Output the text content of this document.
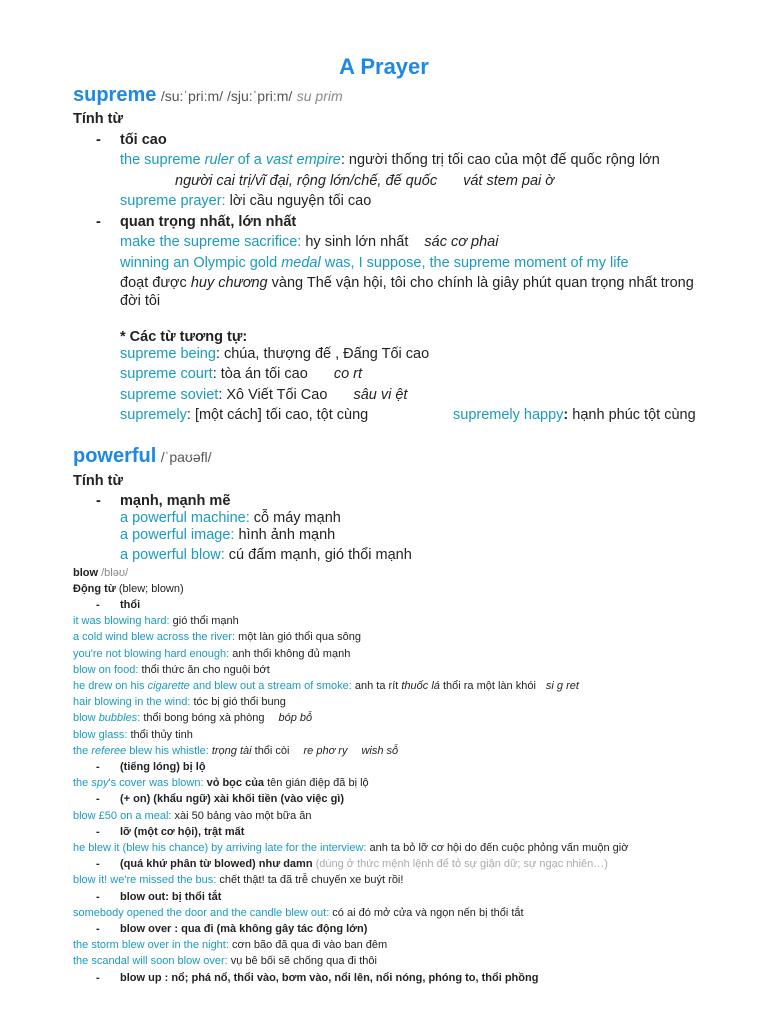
A Prayer
supreme /su:ˈpri:m/ /sju:ˈpri:m/ su prim
Tính từ
- tối cao
the supreme ruler of a vast empire: người thống trị tối cao của một đế quốc rộng lớn
người cai trị/vĩ đại, rộng lớn/chế, đế quốc vát stem pai ờ
supreme prayer: lời cầu nguyện tối cao
- quan trọng nhất, lớn nhất
make the supreme sacrifice: hy sinh lớn nhất sác cơ phai
winning an Olympic gold medal was, I suppose, the supreme moment of my life
đoạt được huy chương vàng Thế vận hội, tôi cho chính là giây phút quan trọng nhất trong đời tôi
* Các từ tương tự:
supreme being: chúa, thượng đế , Đấng Tối cao
supreme court: tòa án tối cao co rt
supreme soviet: Xô Viết Tối Cao sâu vi ệt
supremely: [một cách] tối cao, tột cùng	supremely happy: hạnh phúc tột cùng
powerful /ˈpaʊəfl/
Tính từ
- mạnh, mạnh mẽ
a powerful machine: cỗ máy mạnh
a powerful image: hình ảnh mạnh
a powerful blow: cú đấm mạnh, gió thổi mạnh
blow /bləʊ/
Động từ (blew; blown)
- thổi
it was blowing hard: gió thổi mạnh
a cold wind blew across the river: một làn gió thổi qua sông
you're not blowing hard enough: anh thổi không đủ mạnh
blow on food: thổi thức ăn cho nguội bớt
he drew on his cigarette and blew out a stream of smoke: anh ta rít thuốc lá thổi ra một làn khói si g ret
hair blowing in the wind: tóc bị gió thổi bung
blow bubbles: thổi bong bóng xà phòng bóp bỗ
blow glass: thổi thủy tinh
the referee blew his whistle: trọng tài thổi còi re phơ ry wish sỗ
- (tiếng lóng) bị lộ
the spy's cover was blown: vỏ bọc của tên gián điệp đã bị lộ
- (+ on) (khẩu ngữ) xài khối tiền (vào việc gì)
blow £50 on a meal: xài 50 bảng vào một bữa ăn
- lỡ (một cơ hội), trật mất
he blew it (blew his chance) by arriving late for the interview: anh ta bỏ lỡ cơ hội do đến cuộc phỏng vấn muộn giờ
- (quá khứ phân từ blowed) như damn (dùng ở thức mệnh lệnh để tỏ sự giận dữ; sự ngạc nhiên…)
blow it! we're missed the bus: chết thật! ta đã trễ chuyến xe buýt rồi!
- blow out: bị thổi tắt
somebody opened the door and the candle blew out: có ai đó mở cửa và ngọn nến bị thổi tắt
- blow over : qua đi (mà không gây tác động lớn)
the storm blew over in the night: cơn bão đã qua đi vào ban đêm
the scandal will soon blow over: vụ bê bối sẽ chống qua đi thôi
- blow up : nổ; phá nổ, thổi vào, bơm vào, nổi lên, nổi nóng, phóng to, thổi phồng
